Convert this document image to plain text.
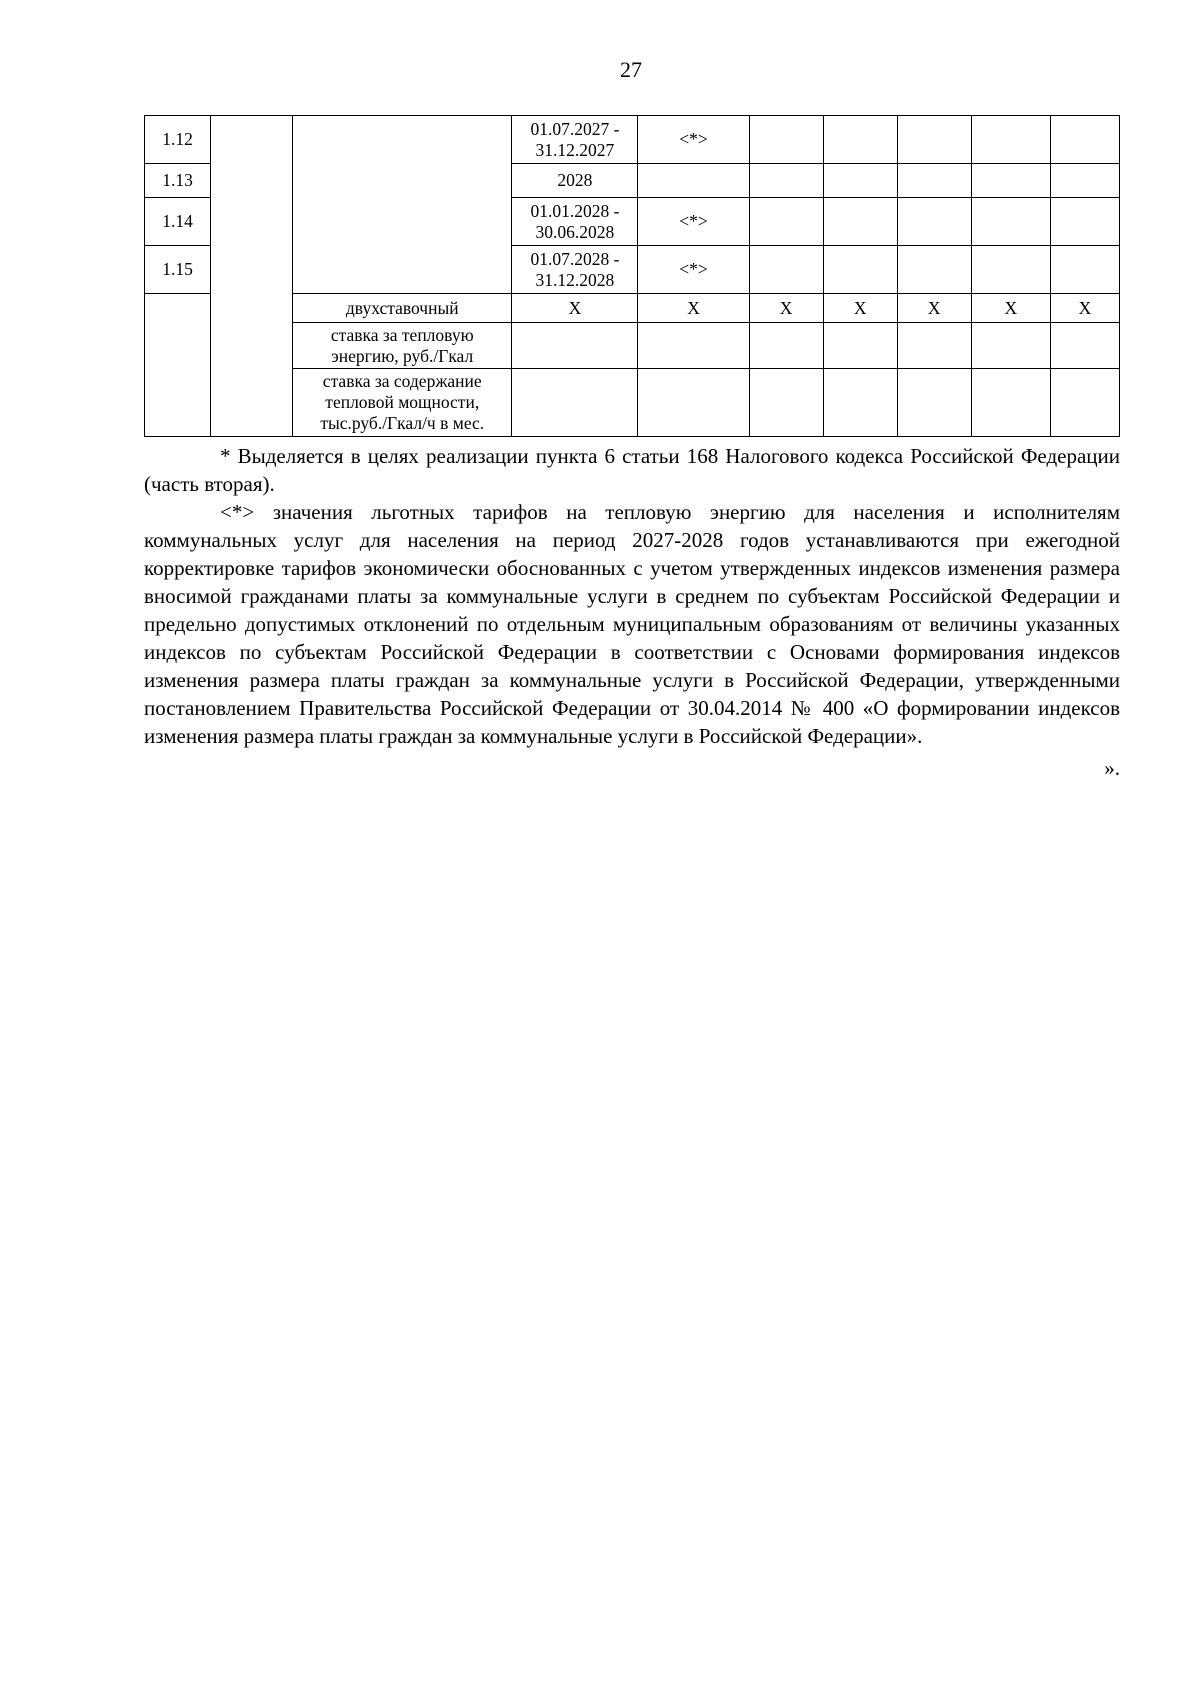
27
1.12			01.07.2027 - 31.12.2027	<*>					
1.13			2028						
1.14			01.01.2028 - 30.06.2028	<*>					
1.15			01.07.2028 - 31.12.2028	<*>					
		двухставочный	X	X	X	X	X	X	X
		ставка за тепловую энергию, руб./Гкал							
		ставка за содержание тепловой мощности, тыс.руб./Гкал/ч в мес.							

* Выделяется в целях реализации пункта 6 статьи 168 Налогового кодекса Российской Федерации (часть вторая).

<*> значения льготных тарифов на тепловую энергию для населения и исполнителям коммунальных услуг для населения на период 2027-2028 годов устанавливаются при ежегодной корректировке тарифов экономически обоснованных с учетом утвержденных индексов изменения размера вносимой гражданами платы за коммунальные услуги в среднем по субъектам Российской Федерации и предельно допустимых отклонений по отдельным муниципальным образованиям от величины указанных индексов по субъектам Российской Федерации в соответствии с Основами формирования индексов изменения размера платы граждан за коммунальные услуги в Российской Федерации, утвержденными постановлением Правительства Российской Федерации от 30.04.2014 № 400 «О формировании индексов изменения размера платы граждан за коммунальные услуги в Российской Федерации».

».
